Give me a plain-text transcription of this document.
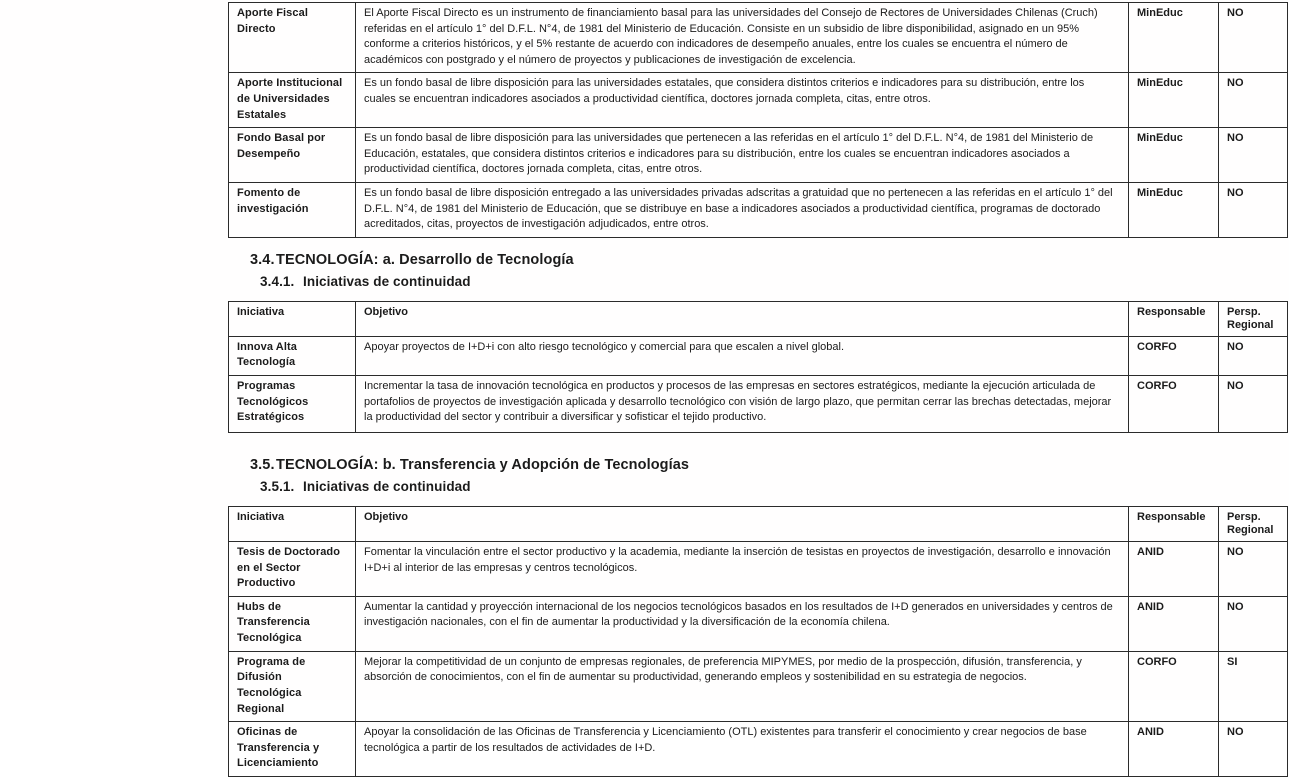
Aporte Fiscal Directo	El Aporte Fiscal Directo es un instrumento de financiamiento basal para las universidades del Consejo de Rectores de Universidades Chilenas (Cruch) referidas en el artículo 1° del D.F.L. N°4, de 1981 del Ministerio de Educación. Consiste en un subsidio de libre disponibilidad, asignado en un 95% conforme a criterios históricos, y el 5% restante de acuerdo con indicadores de desempeño anuales, entre los cuales se encuentra el número de académicos con postgrado y el número de proyectos y publicaciones de investigación de excelencia.	MinEduc	NO
Aporte Institucional de Universidades Estatales	Es un fondo basal de libre disposición para las universidades estatales, que considera distintos criterios e indicadores para su distribución, entre los cuales se encuentran indicadores asociados a productividad científica, doctores jornada completa, citas, entre otros.	MinEduc	NO
Fondo Basal por Desempeño	Es un fondo basal de libre disposición para las universidades que pertenecen a las referidas en el artículo 1° del D.F.L. N°4, de 1981 del Ministerio de Educación, estatales, que considera distintos criterios e indicadores para su distribución, entre los cuales se encuentran indicadores asociados a productividad científica, doctores jornada completa, citas, entre otros.	MinEduc	NO
Fomento de investigación	Es un fondo basal de libre disposición entregado a las universidades privadas adscritas a gratuidad que no pertenecen a las referidas en el artículo 1° del D.F.L. N°4, de 1981 del Ministerio de Educación, que se distribuye en base a indicadores asociados a productividad científica, programas de doctorado acreditados, citas, proyectos de investigación adjudicados, entre otros.	MinEduc	NO
3.4. TECNOLOGÍA: a. Desarrollo de Tecnología
3.4.1. Iniciativas de continuidad
Iniciativa	Objetivo	Responsable	Persp. Regional
Innova Alta Tecnología	Apoyar proyectos de I+D+i con alto riesgo tecnológico y comercial para que escalen a nivel global.	CORFO	NO
Programas Tecnológicos Estratégicos	Incrementar la tasa de innovación tecnológica en productos y procesos de las empresas en sectores estratégicos, mediante la ejecución articulada de portafolios de proyectos de investigación aplicada y desarrollo tecnológico con visión de largo plazo, que permitan cerrar las brechas detectadas, mejorar la productividad del sector y contribuir a diversificar y sofisticar el tejido productivo.	CORFO	NO
3.5. TECNOLOGÍA: b. Transferencia y Adopción de Tecnologías
3.5.1. Iniciativas de continuidad
Iniciativa	Objetivo	Responsable	Persp. Regional
Tesis de Doctorado en el Sector Productivo	Fomentar la vinculación entre el sector productivo y la academia, mediante la inserción de tesistas en proyectos de investigación, desarrollo e innovación I+D+i al interior de las empresas y centros tecnológicos.	ANID	NO
Hubs de Transferencia Tecnológica	Aumentar la cantidad y proyección internacional de los negocios tecnológicos basados en los resultados de I+D generados en universidades y centros de investigación nacionales, con el fin de aumentar la productividad y la diversificación de la economía chilena.	ANID	NO
Programa de Difusión Tecnológica Regional	Mejorar la competitividad de un conjunto de empresas regionales, de preferencia MIPYMES, por medio de la prospección, difusión, transferencia, y absorción de conocimientos, con el fin de aumentar su productividad, generando empleos y sostenibilidad en su estrategia de negocios.	CORFO	SI
Oficinas de Transferencia y Licenciamiento	Apoyar la consolidación de las Oficinas de Transferencia y Licenciamiento (OTL) existentes para transferir el conocimiento y crear negocios de base tecnológica a partir de los resultados de actividades de I+D.	ANID	NO
